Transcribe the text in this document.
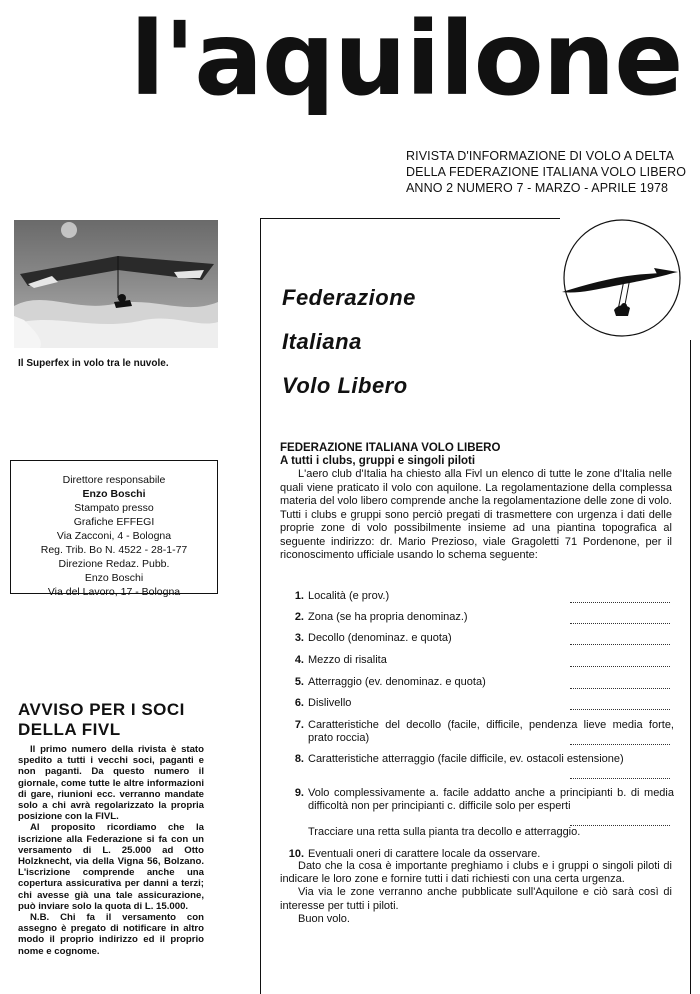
l'aquilone
RIVISTA D'INFORMAZIONE DI VOLO A DELTA
DELLA FEDERAZIONE ITALIANA VOLO LIBERO
ANNO 2 NUMERO 7 - MARZO - APRILE 1978
Il Superfex in volo tra le nuvole.
Direttore responsabile
Enzo Boschi
Stampato presso
Grafiche EFFEGI
Via Zacconi, 4 - Bologna
Reg. Trib. Bo N. 4522 - 28-1-77
Direzione Redaz. Pubb.
Enzo Boschi
Via del Lavoro, 17 - Bologna
AVVISO PER I SOCI
DELLA FIVL

Il primo numero della rivista è stato spedito a tutti i vecchi soci, paganti e non paganti. Da questo numero il giornale, come tutte le altre informazioni di gare, riunioni ecc. verranno mandate solo a chi avrà regolarizzato la propria posizione con la FIVL.

Al proposito ricordiamo che la iscrizione alla Federazione si fa con un versamento di L. 25.000 ad Otto Holzknecht, via della Vigna 56, Bolzano. L'iscrizione comprende anche una copertura assicurativa per danni a terzi; chi avesse già una tale assicurazione, può inviare solo la quota di L. 15.000.

N.B. Chi fa il versamento con assegno è pregato di notificare in altro modo il proprio indirizzo ed il proprio nome e cognome.

Federazione
Italiana
Volo Libero
FEDERAZIONE ITALIANA VOLO LIBERO
A tutti i clubs, gruppi e singoli piloti

L'aero club d'Italia ha chiesto alla Fivl un elenco di tutte le zone d'Italia nelle quali viene praticato il volo con aquilone. La regolamentazione della complessa materia del volo libero comprende anche la regolamentazione delle zone di volo. Tutti i clubs e gruppi sono perciò pregati di trasmettere con urgenza i dati delle proprie zone di volo possibilmente insieme ad una piantina topografica al seguente indirizzo: dr. Mario Prezioso, viale Gragoletti 71 Pordenone, per il riconoscimento ufficiale usando lo schema seguente:

1. Località (e prov.)
2. Zona (se ha propria denominaz.)
3. Decollo (denominaz. e quota)
4. Mezzo di risalita
5. Atterraggio (ev. denominaz. e quota)
6. Dislivello
7. Caratteristiche del decollo (facile, difficile, pendenza lieve media forte, prato roccia)
8. Caratteristiche atterraggio (facile difficile, ev. ostacoli estensione)
9. Volo complessivamente a. facile addatto anche a principianti b. di media difficoltà non per principianti c. difficile solo per esperti
Tracciare una retta sulla pianta tra decollo e atterraggio.
10. Eventuali oneri di carattere locale da osservare.

Dato che la cosa è importante preghiamo i clubs e i gruppi o singoli piloti di indicare le loro zone e fornire tutti i dati richiesti con una certa urgenza.

Via via le zone verranno anche pubblicate sull'Aquilone e ciò sarà così di interesse per tutti i piloti.

Buon volo.
